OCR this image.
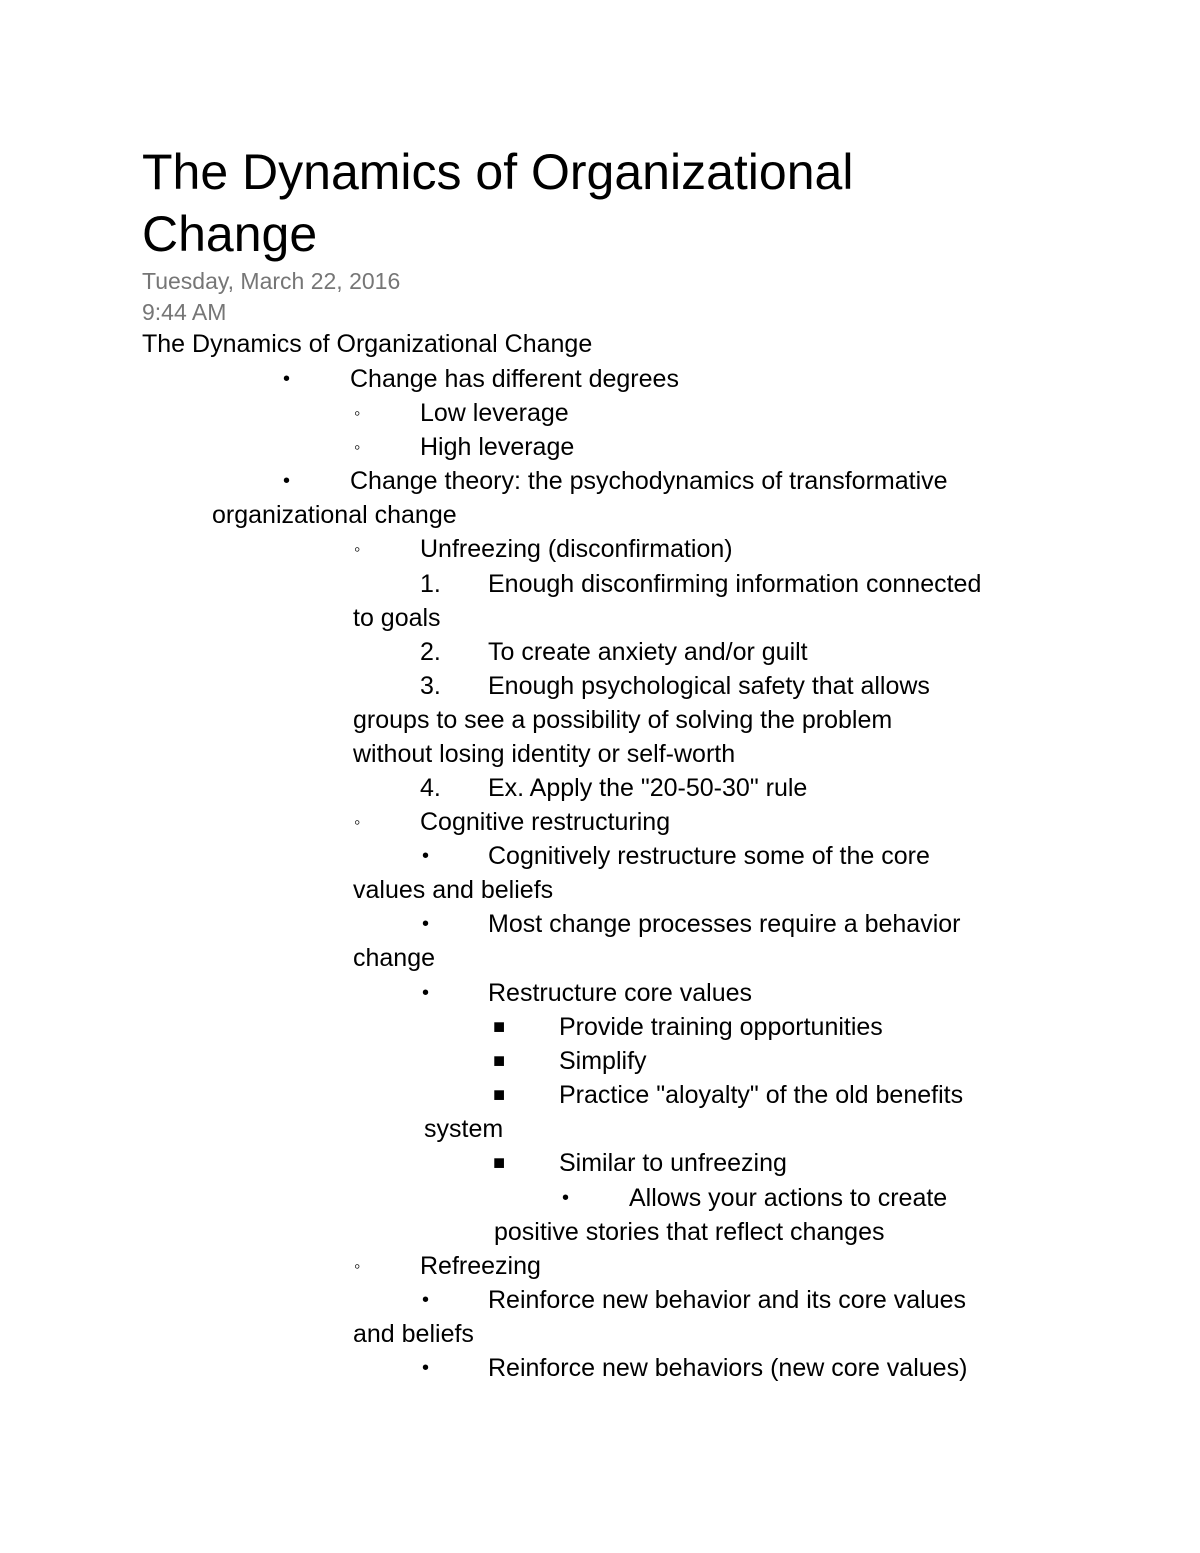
The Dynamics of Organizational Change
Tuesday, March 22, 2016
9:44 AM
The Dynamics of Organizational Change
• Change has different degrees
◦ Low leverage
◦ High leverage
• Change theory: the psychodynamics of transformative
organizational change
◦ Unfreezing (disconfirmation)
1. Enough disconfirming information connected
to goals
2. To create anxiety and/or guilt
3. Enough psychological safety that allows
groups to see a possibility of solving the problem
without losing identity or self-worth
4. Ex. Apply the "20-50-30" rule
◦ Cognitive restructuring
• Cognitively restructure some of the core
values and beliefs
• Most change processes require a behavior
change
• Restructure core values
■ Provide training opportunities
■ Simplify
■ Practice "aloyalty" of the old benefits
system
■ Similar to unfreezing
• Allows your actions to create
positive stories that reflect changes
◦ Refreezing
• Reinforce new behavior and its core values
and beliefs
• Reinforce new behaviors (new core values)
